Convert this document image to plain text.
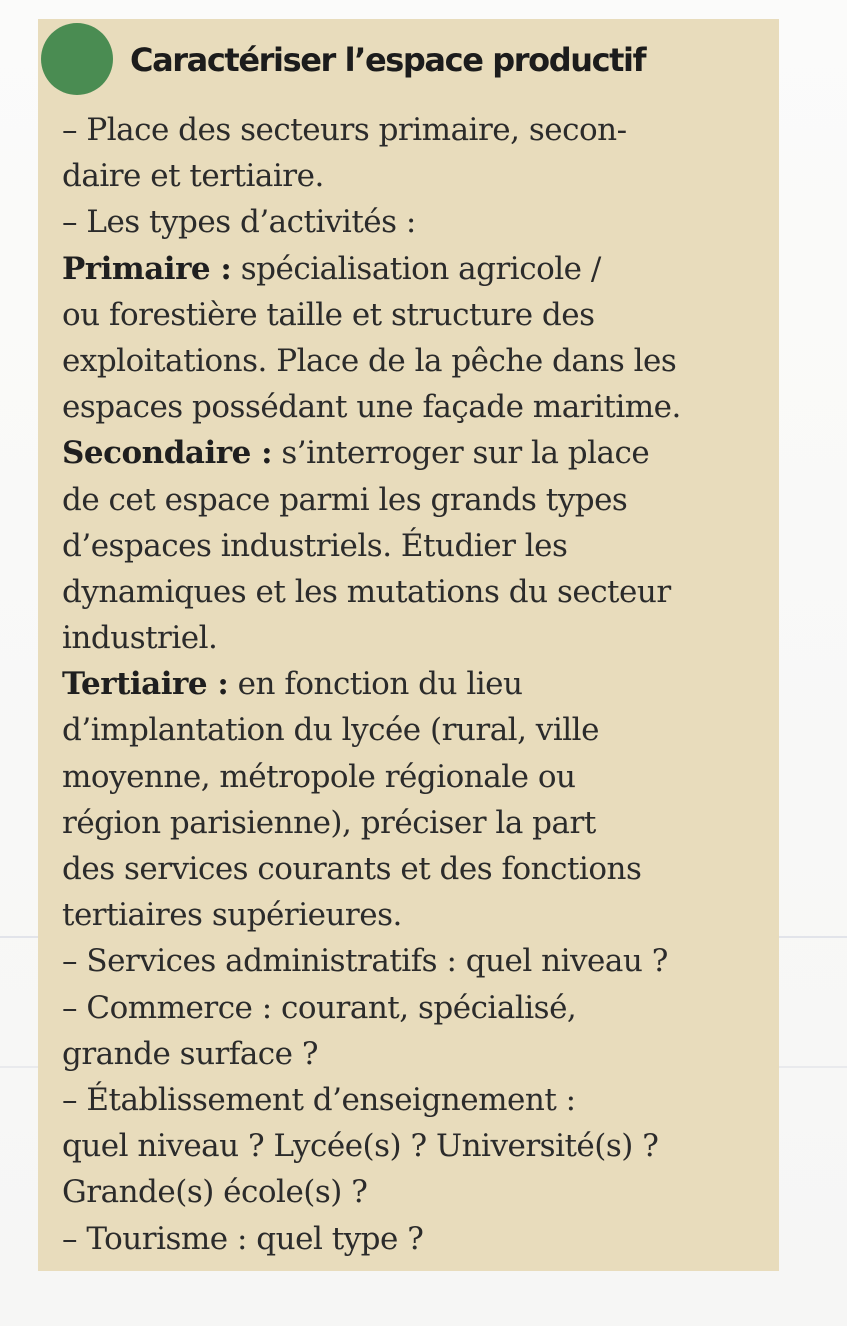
Caractériser l’espace productif
– Place des secteurs primaire, secon-
daire et tertiaire.
– Les types d’activités :
Primaire : spécialisation agricole /
ou forestière taille et structure des
exploitations. Place de la pêche dans les
espaces possédant une façade maritime.
Secondaire : s’interroger sur la place
de cet espace parmi les grands types
d’espaces industriels. Étudier les
dynamiques et les mutations du secteur
industriel.
Tertiaire : en fonction du lieu
d’implantation du lycée (rural, ville
moyenne, métropole régionale ou
région parisienne), préciser la part
des services courants et des fonctions
tertiaires supérieures.
– Services administratifs : quel niveau ?
– Commerce : courant, spécialisé,
grande surface ?
– Établissement d’enseignement :
quel niveau ? Lycée(s) ? Université(s) ?
Grande(s) école(s) ?
– Tourisme : quel type ?
